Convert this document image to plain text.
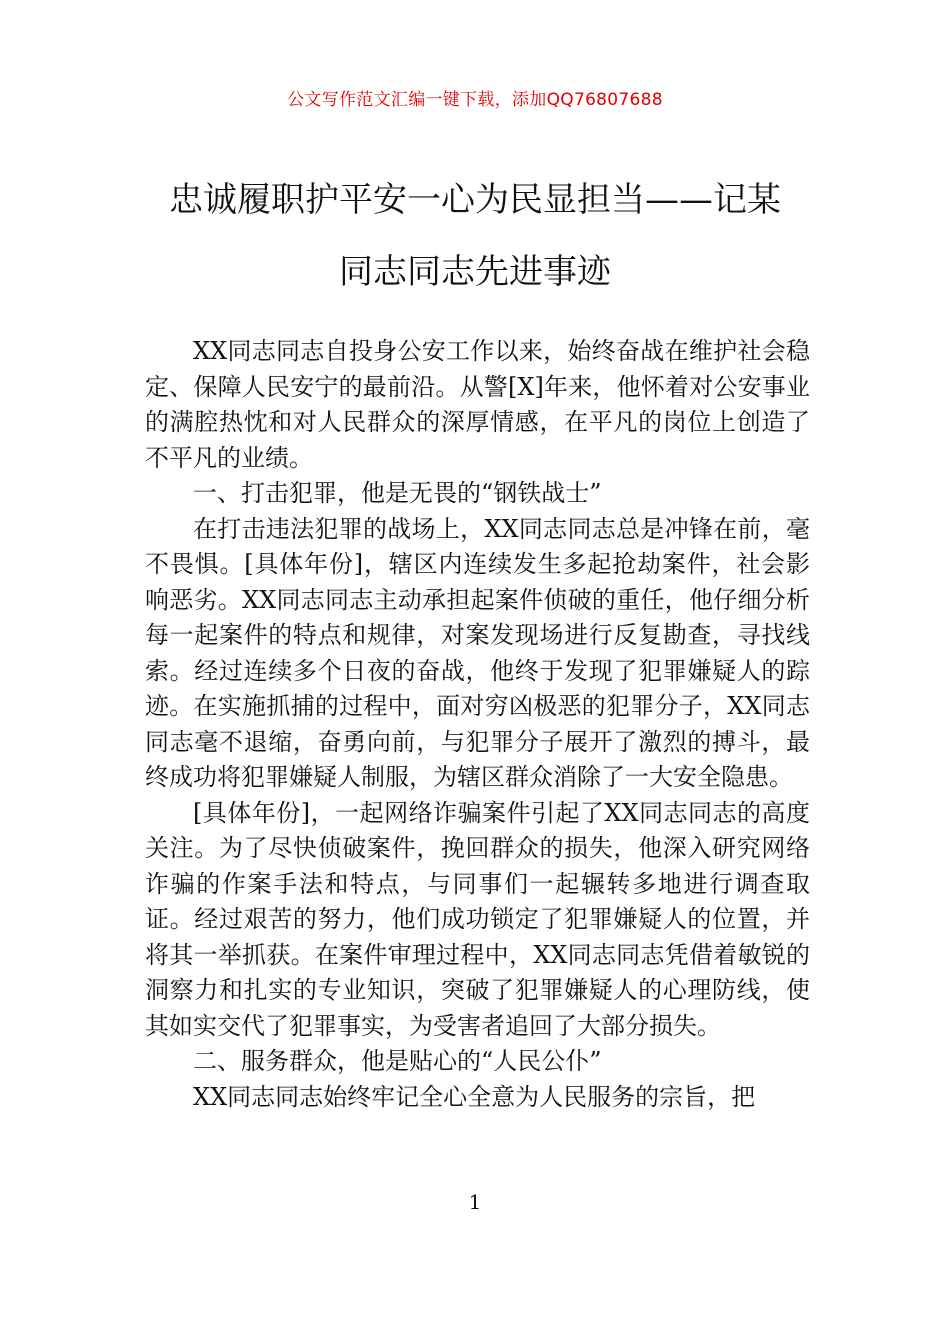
公文写作范文汇编一键下载，添加QQ76807688
忠诚履职护平安一心为民显担当——记某
同志同志先进事迹

XX同志同志自投身公安工作以来，始终奋战在维护社会稳定、保障人民安宁的最前沿。从警[X]年来，他怀着对公安事业的满腔热忱和对人民群众的深厚情感，在平凡的岗位上创造了不平凡的业绩。

一、打击犯罪，他是无畏的“钢铁战士”

在打击违法犯罪的战场上，XX同志同志总是冲锋在前，毫不畏惧。[具体年份]，辖区内连续发生多起抢劫案件，社会影响恶劣。XX同志同志主动承担起案件侦破的重任，他仔细分析每一起案件的特点和规律，对案发现场进行反复勘查，寻找线索。经过连续多个日夜的奋战，他终于发现了犯罪嫌疑人的踪迹。在实施抓捕的过程中，面对穷凶极恶的犯罪分子，XX同志同志毫不退缩，奋勇向前，与犯罪分子展开了激烈的搏斗，最终成功将犯罪嫌疑人制服，为辖区群众消除了一大安全隐患。

[具体年份]，一起网络诈骗案件引起了XX同志同志的高度关注。为了尽快侦破案件，挽回群众的损失，他深入研究网络诈骗的作案手法和特点，与同事们一起辗转多地进行调查取证。经过艰苦的努力，他们成功锁定了犯罪嫌疑人的位置，并将其一举抓获。在案件审理过程中，XX同志同志凭借着敏锐的洞察力和扎实的专业知识，突破了犯罪嫌疑人的心理防线，使其如实交代了犯罪事实，为受害者追回了大部分损失。

二、服务群众，他是贴心的“人民公仆”

XX同志同志始终牢记全心全意为人民服务的宗旨，把

1
